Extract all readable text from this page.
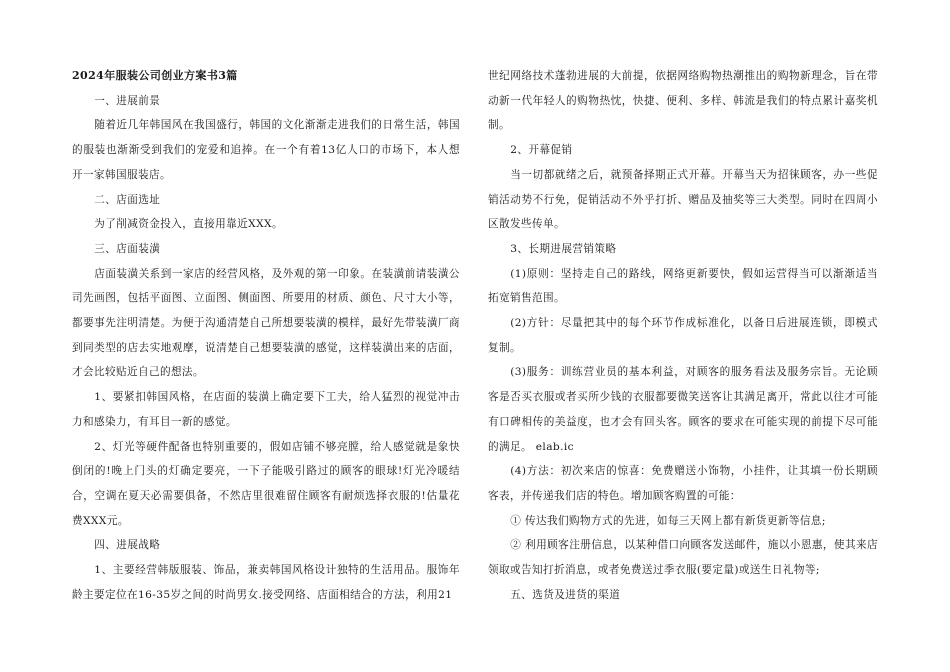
2024年服装公司创业方案书3篇

一、进展前景

随着近几年韩国风在我国盛行，韩国的文化渐渐走进我们的日常生活，韩国的服装也渐渐受到我们的宠爱和追捧。在一个有着13亿人口的市场下，本人想开一家韩国服装店。

二、店面选址

为了削减资金投入，直接用靠近XXX。

三、店面装潢

店面装潢关系到一家店的经营风格，及外观的第一印象。在装潢前请装潢公司先画图，包括平面图、立面图、侧面图、所要用的材质、颜色、尺寸大小等，都要事先注明清楚。为便于沟通清楚自己所想要装潢的模样，最好先带装潢厂商到同类型的店去实地观摩，说清楚自己想要装潢的感觉，这样装潢出来的店面，才会比较贴近自己的想法。

1、要紧扣韩国风格，在店面的装潢上确定要下工夫，给人猛烈的视觉冲击力和感染力，有耳目一新的感觉。

2、灯光等硬件配备也特别重要的，假如店铺不够亮膛，给人感觉就是象快倒闭的!晚上门头的灯确定要亮，一下子能吸引路过的顾客的眼球!灯光冷暖结合，空调在夏天必需要俱备，不然店里很难留住顾客有耐烦选择衣服的!估量花费XXX元。

四、进展战略

1、主要经营韩版服装、饰品，兼卖韩国风格设计独特的生活用品。服饰年龄主要定位在16-35岁之间的时尚男女.接受网络、店面相结合的方法，利用21

世纪网络技术蓬勃进展的大前提，依据网络购物热潮推出的购物新理念，旨在带动新一代年轻人的购物热忱，快捷、便利、多样、韩流是我们的特点累计嘉奖机制。

2、开幕促销

当一切都就绪之后，就预备择期正式开幕。开幕当天为招徕顾客，办一些促销活动势不行免，促销活动不外乎打折、赠品及抽奖等三大类型。同时在四周小区散发些传单。

3、长期进展营销策略

(1)原则：坚持走自己的路线，网络更新要快，假如运营得当可以渐渐适当拓宽销售范围。

(2)方针：尽量把其中的每个环节作成标准化，以备日后进展连锁，即模式复制。

(3)服务：训练营业员的基本利益，对顾客的服务看法及服务宗旨。无论顾客是否买衣服或者买所少钱的衣服都要微笑送客让其满足离开，常此以往才可能有口碑相传的美益度，也才会有回头客。顾客的要求在可能实现的前提下尽可能的满足。 elab.ic

(4)方法：初次来店的惊喜：免费赠送小饰物，小挂件，让其填一份长期顾客表，并传递我们店的特色。增加顾客购置的可能：

① 传达我们购物方式的先进，如每三天网上都有新货更新等信息;

② 利用顾客注册信息，以某种借口向顾客发送邮件，施以小恩惠，使其来店领取或告知打折消息，或者免费送过季衣服(要定量)或送生日礼物等;

五、选货及进货的渠道
